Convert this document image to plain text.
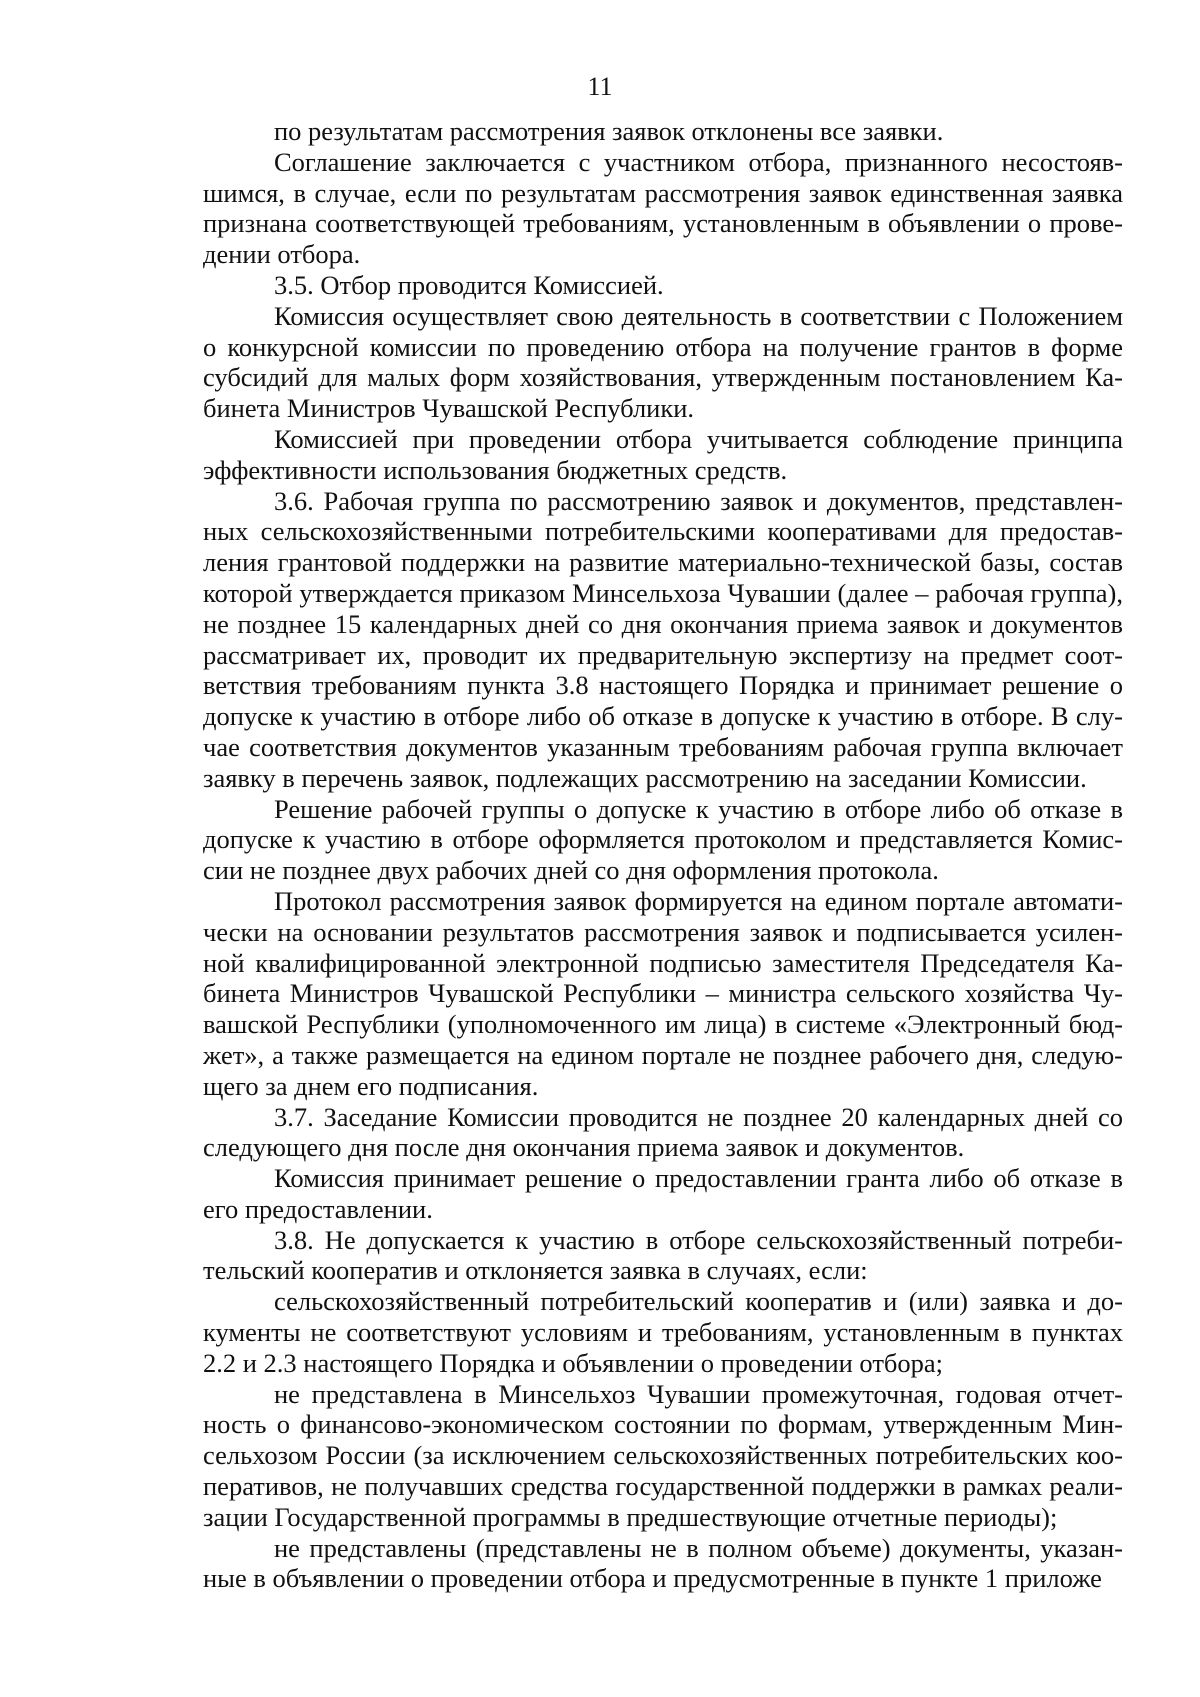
11

по результатам рассмотрения заявок отклонены все заявки.

Соглашение заключается с участником отбора, признанного несостоявшимся, в случае, если по результатам рассмотрения заявок единственная заявка признана соответствующей требованиям, установленным в объявлении о проведении отбора.

3.5. Отбор проводится Комиссией.

Комиссия осуществляет свою деятельность в соответствии с Положением о конкурсной комиссии по проведению отбора на получение грантов в форме субсидий для малых форм хозяйствования, утвержденным постановлением Кабинета Министров Чувашской Республики.

Комиссией при проведении отбора учитывается соблюдение принципа эффективности использования бюджетных средств.

3.6. Рабочая группа по рассмотрению заявок и документов, представленных сельскохозяйственными потребительскими кооперативами для предоставления грантовой поддержки на развитие материально-технической базы, состав которой утверждается приказом Минсельхоза Чувашии (далее – рабочая группа), не позднее 15 календарных дней со дня окончания приема заявок и документов рассматривает их, проводит их предварительную экспертизу на предмет соответствия требованиям пункта 3.8 настоящего Порядка и принимает решение о допуске к участию в отборе либо об отказе в допуске к участию в отборе. В случае соответствия документов указанным требованиям рабочая группа включает заявку в перечень заявок, подлежащих рассмотрению на заседании Комиссии.

Решение рабочей группы о допуске к участию в отборе либо об отказе в допуске к участию в отборе оформляется протоколом и представляется Комиссии не позднее двух рабочих дней со дня оформления протокола.

Протокол рассмотрения заявок формируется на едином портале автоматически на основании результатов рассмотрения заявок и подписывается усиленной квалифицированной электронной подписью заместителя Председателя Кабинета Министров Чувашской Республики – министра сельского хозяйства Чувашской Республики (уполномоченного им лица) в системе «Электронный бюджет», а также размещается на едином портале не позднее рабочего дня, следующего за днем его подписания.

3.7. Заседание Комиссии проводится не позднее 20 календарных дней со следующего дня после дня окончания приема заявок и документов.

Комиссия принимает решение о предоставлении гранта либо об отказе в его предоставлении.

3.8. Не допускается к участию в отборе сельскохозяйственный потребительский кооператив и отклоняется заявка в случаях, если:

сельскохозяйственный потребительский кооператив и (или) заявка и документы не соответствуют условиям и требованиям, установленным в пунктах 2.2 и 2.3 настоящего Порядка и объявлении о проведении отбора;

не представлена в Минсельхоз Чувашии промежуточная, годовая отчетность о финансово-экономическом состоянии по формам, утвержденным Минсельхозом России (за исключением сельскохозяйственных потребительских кооперативов, не получавших средства государственной поддержки в рамках реализации Государственной программы в предшествующие отчетные периоды);

не представлены (представлены не в полном объеме) документы, указанные в объявлении о проведении отбора и предусмотренные в пункте 1 приложе
